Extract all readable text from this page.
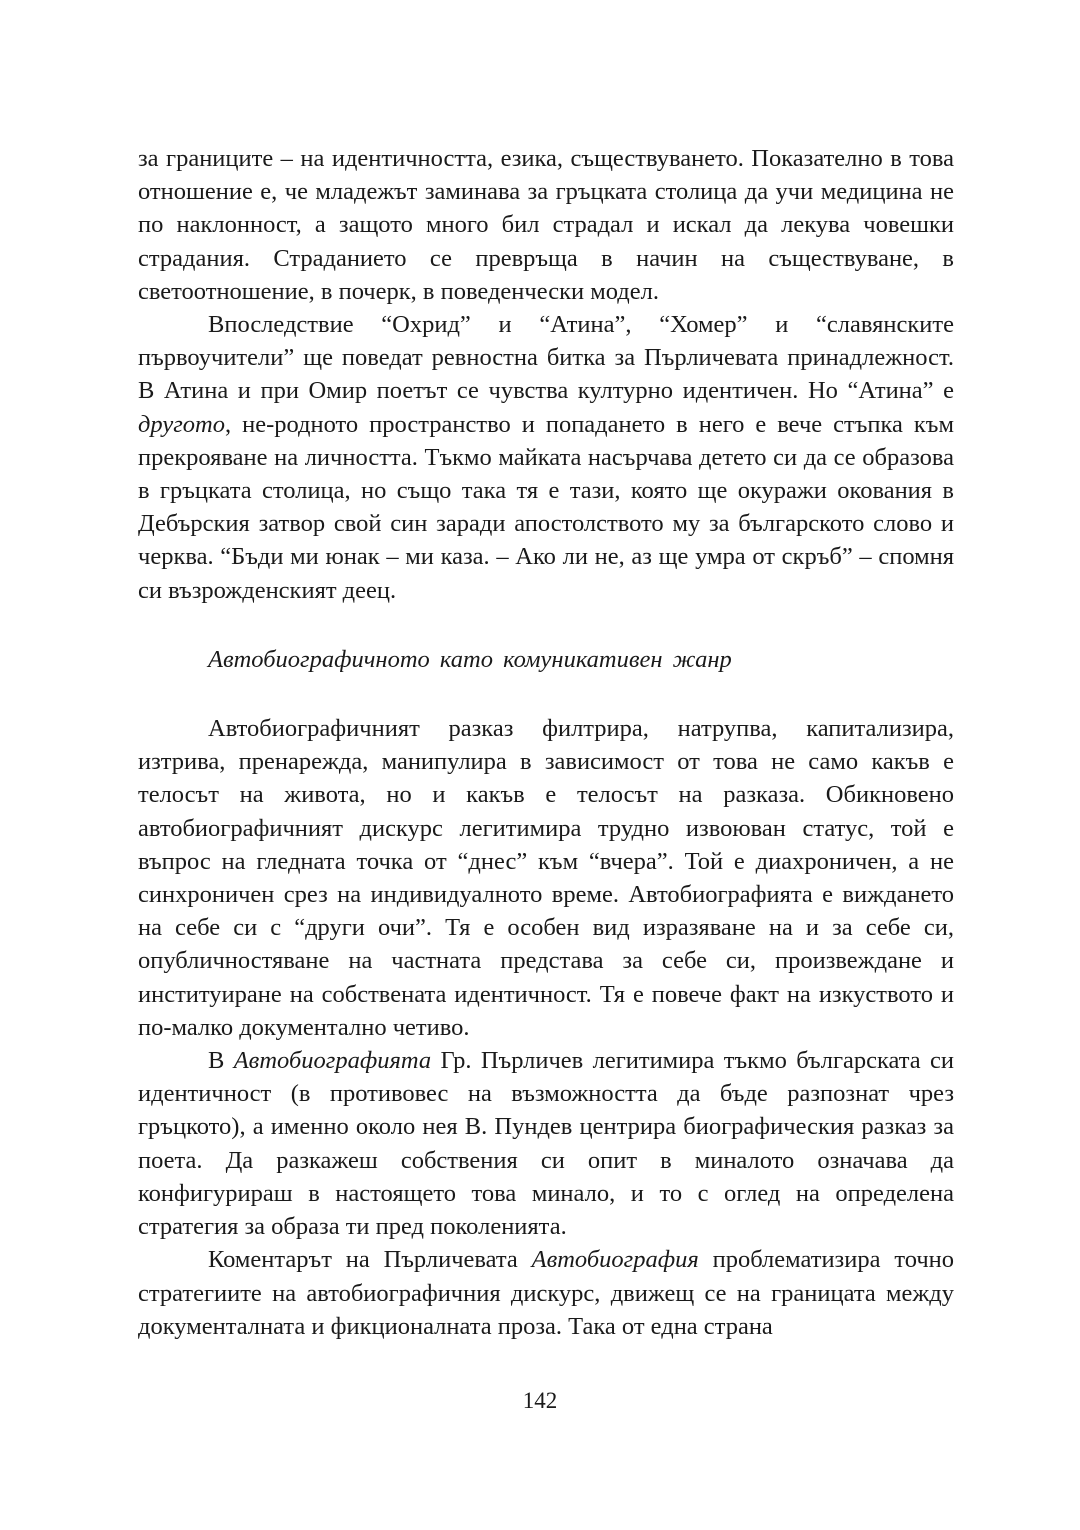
за границите – на идентичността, езика, съществуването. Показателно в това отношение е, че младежът заминава за гръцката столица да учи медицина не по наклонност, а защото много бил страдал и искал да лекува човешки страдания. Страданието се превръща в начин на съществуване, в светоотношение, в почерк, в поведенчески модел.

Впоследствие “Охрид” и “Атина”, “Хомер” и “славянските първоучители” ще поведат ревностна битка за Пърличевата принадлежност. В Атина и при Омир поетът се чувства културно идентичен. Но “Атина” е другото, не-родното пространство и попадането в него е вече стъпка към прекрояване на личността. Тъкмо майката насърчава детето си да се образова в гръцката столица, но също така тя е тази, която ще окуражи окования в Дебърския затвор свой син заради апостолството му за българското слово и черква. “Бъди ми юнак – ми каза. – Ако ли не, аз ще умра от скръб” – спомня си възрожденският деец.

Автобиографичното като комуникативен жанр

Автобиографичният разказ филтрира, натрупва, капитализира, изтрива, пренарежда, манипулира в зависимост от това не само какъв е телосът на живота, но и какъв е телосът на разказа. Обикновено автобиографичният дискурс легитимира трудно извоюван статус, той е въпрос на гледната точка от “днес” към “вчера”. Той е диахроничен, а не синхроничен срез на индивидуалното време. Автобиографията е виждането на себе си с “други очи”. Тя е особен вид изразяване на и за себе си, опубличностяване на частната представа за себе си, произвеждане и институиране на собствената идентичност. Тя е повече факт на изкуството и по-малко документално четиво.

В Автобиографията Гр. Пърличев легитимира тъкмо българската си идентичност (в противовес на възможността да бъде разпознат чрез гръцкото), а именно около нея В. Пундев центрира биографическия разказ за поета. Да разкажеш собствения си опит в миналото означава да конфигурираш в настоящето това минало, и то с оглед на определена стратегия за образа ти пред поколенията.

Коментарът на Пърличевата Автобиография проблематизира точно стратегиите на автобиографичния дискурс, движещ се на границата между документалната и фикционалната проза. Така от една страна

142
